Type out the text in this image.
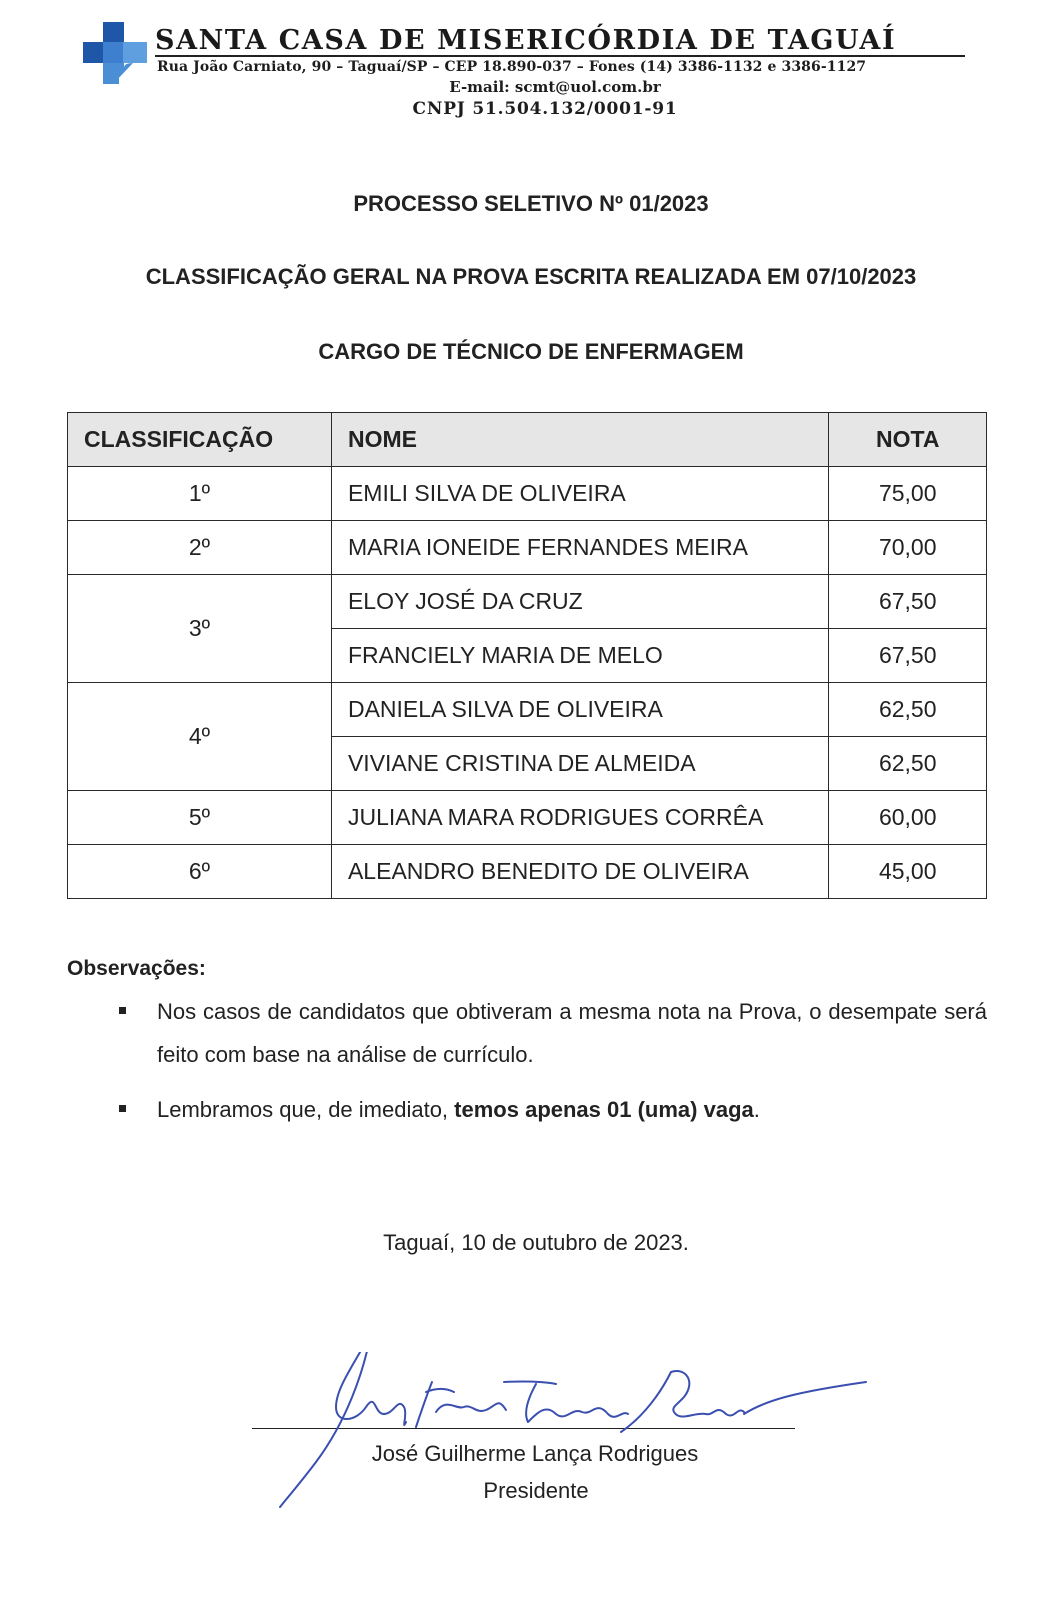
SANTA CASA DE MISERICÓRDIA DE TAGUAÍ
Rua João Carniato, 90 – Taguaí/SP – CEP 18.890-037 – Fones (14) 3386-1132 e 3386-1127
E-mail: scmt@uol.com.br
CNPJ 51.504.132/0001-91
PROCESSO SELETIVO Nº 01/2023
CLASSIFICAÇÃO GERAL NA PROVA ESCRITA REALIZADA EM 07/10/2023
CARGO DE TÉCNICO DE ENFERMAGEM
CLASSIFICAÇÃO	NOME	NOTA
1º	EMILI SILVA DE OLIVEIRA	75,00
2º	MARIA IONEIDE FERNANDES MEIRA	70,00
3º	ELOY JOSÉ DA CRUZ	67,50
	FRANCIELY MARIA DE MELO	67,50
4º	DANIELA SILVA DE OLIVEIRA	62,50
	VIVIANE CRISTINA DE ALMEIDA	62,50
5º	JULIANA MARA RODRIGUES CORRÊA	60,00
6º	ALEANDRO BENEDITO DE OLIVEIRA	45,00
Observações:
Nos casos de candidatos que obtiveram a mesma nota na Prova, o desempate será feito com base na análise de currículo.
Lembramos que, de imediato, temos apenas 01 (uma) vaga.
Taguaí, 10 de outubro de 2023.
José Guilherme Lança Rodrigues
Presidente
